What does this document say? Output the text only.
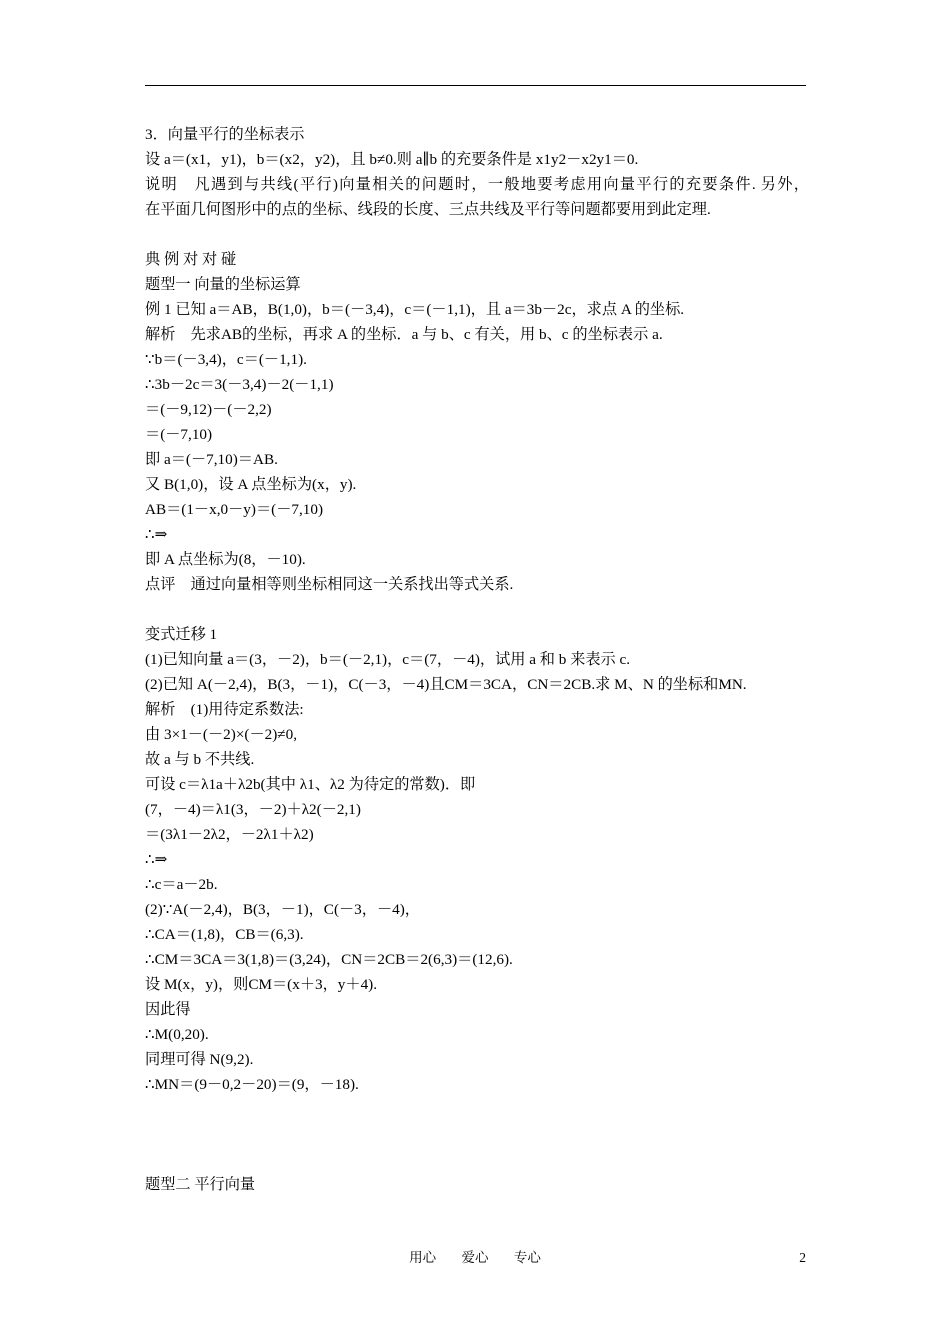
3．向量平行的坐标表示
设 a＝(x1，y1)，b＝(x2，y2)，且 b≠0.则 a∥b 的充要条件是 x1y2－x2y1＝0.
说明　凡遇到与共线(平行)向量相关的问题时，一般地要考虑用向量平行的充要条件. 另外，
在平面几何图形中的点的坐标、线段的长度、三点共线及平行等问题都要用到此定理.
典 例 对 对 碰
题型一 向量的坐标运算
例 1 已知 a＝AB，B(1,0)，b＝(－3,4)，c＝(－1,1)，且 a＝3b－2c，求点 A 的坐标.
解析　先求AB的坐标，再求 A 的坐标．a 与 b、c 有关，用 b、c 的坐标表示 a.
∵b＝(－3,4)，c＝(－1,1).
∴3b－2c＝3(－3,4)－2(－1,1)
＝(－9,12)－(－2,2)
＝(－7,10)
即 a＝(－7,10)＝AB.
又 B(1,0)，设 A 点坐标为(x，y).
AB＝(1－x,0－y)＝(－7,10)
∴⇒
即 A 点坐标为(8，－10).
点评　通过向量相等则坐标相同这一关系找出等式关系.
变式迁移 1
(1)已知向量 a＝(3，－2)，b＝(－2,1)，c＝(7，－4)，试用 a 和 b 来表示 c.
(2)已知 A(－2,4)，B(3，－1)，C(－3，－4)且CM＝3CA，CN＝2CB.求 M、N 的坐标和MN.
解析　(1)用待定系数法:
由 3×1－(－2)×(－2)≠0,
故 a 与 b 不共线.
可设 c＝λ1a＋λ2b(其中 λ1、λ2 为待定的常数)．即
(7，－4)＝λ1(3，－2)＋λ2(－2,1)
＝(3λ1－2λ2，－2λ1＋λ2)
∴⇒
∴c＝a－2b.
(2)∵A(－2,4)，B(3，－1)，C(－3，－4)，
∴CA＝(1,8)，CB＝(6,3).
∴CM＝3CA＝3(1,8)＝(3,24)，CN＝2CB＝2(6,3)＝(12,6).
设 M(x，y)，则CM＝(x＋3，y＋4).
因此得
∴M(0,20).
同理可得 N(9,2).
∴MN＝(9－0,2－20)＝(9，－18).
题型二 平行向量
用心 爱心 专心	2
